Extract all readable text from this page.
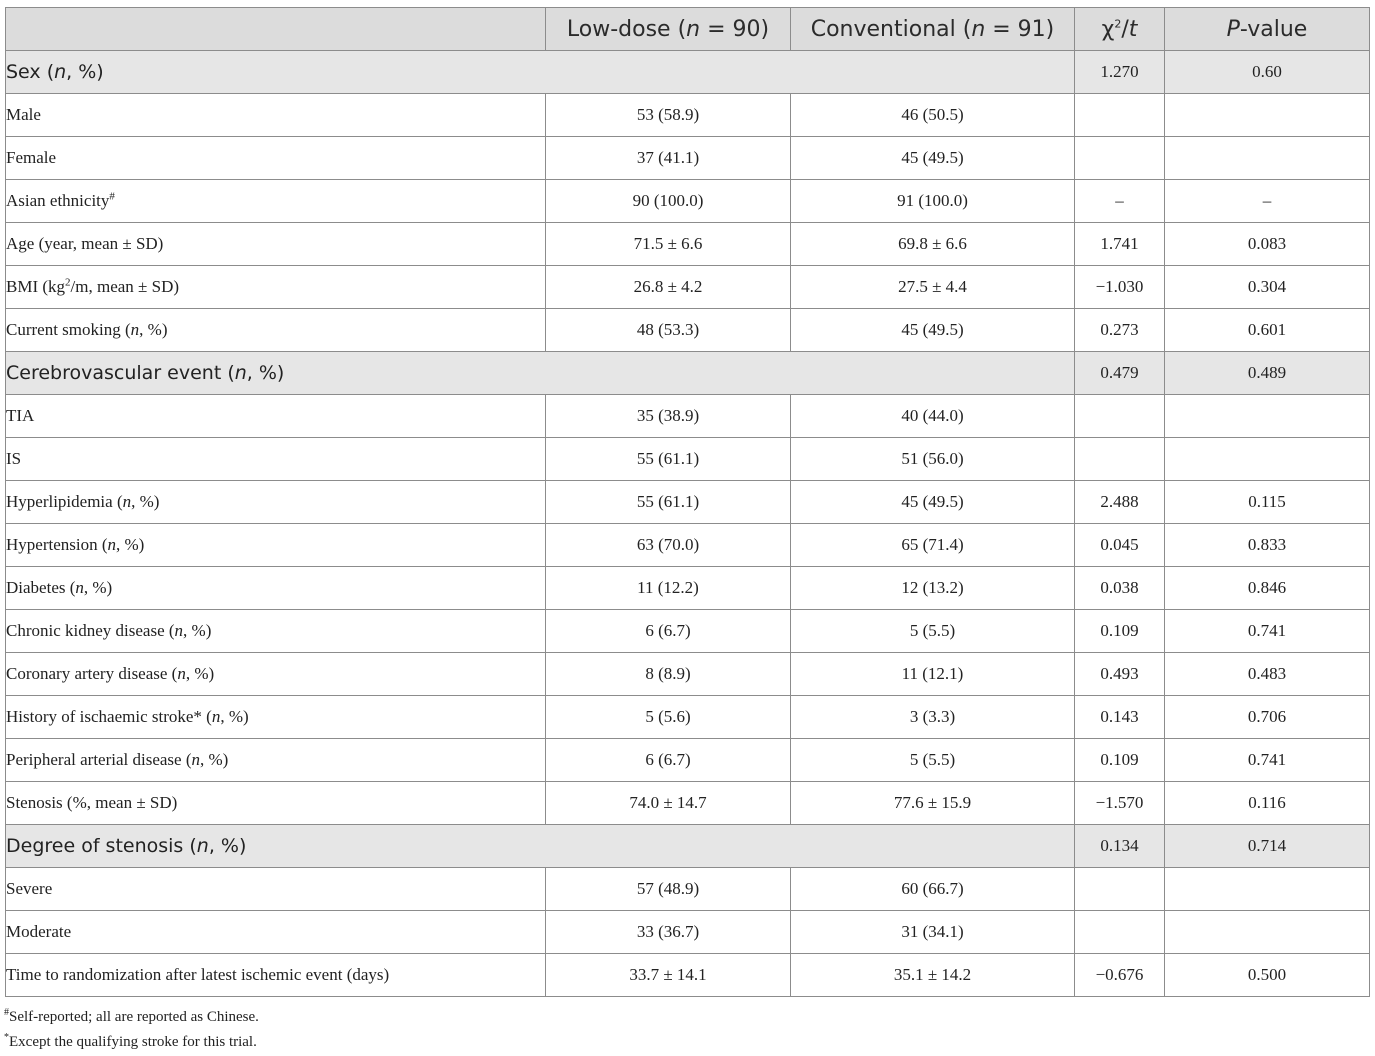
	Low-dose (n = 90)	Conventional (n = 91)	$\chi^2/t$	P-value
Sex (n, %)			1.270	0.60
Male	53 (58.9)	46 (50.5)		
Female	37 (41.1)	45 (49.5)		
Asian ethnicity#	90 (100.0)	91 (100.0)	–	–
Age (year, mean ± SD)	71.5 ± 6.6	69.8 ± 6.6	1.741	0.083
BMI ($kg^2/m$, mean ± SD)	26.8 ± 4.2	27.5 ± 4.4	−1.030	0.304
Current smoking (n, %)	48 (53.3)	45 (49.5)	0.273	0.601
Cerebrovascular event (n, %)			0.479	0.489
TIA	35 (38.9)	40 (44.0)		
IS	55 (61.1)	51 (56.0)		
Hyperlipidemia (n, %)	55 (61.1)	45 (49.5)	2.488	0.115
Hypertension (n, %)	63 (70.0)	65 (71.4)	0.045	0.833
Diabetes (n, %)	11 (12.2)	12 (13.2)	0.038	0.846
Chronic kidney disease (n, %)	6 (6.7)	5 (5.5)	0.109	0.741
Coronary artery disease (n, %)	8 (8.9)	11 (12.1)	0.493	0.483
History of ischaemic stroke* (n, %)	5 (5.6)	3 (3.3)	0.143	0.706
Peripheral arterial disease (n, %)	6 (6.7)	5 (5.5)	0.109	0.741
Stenosis (%, mean ± SD)	74.0 ± 14.7	77.6 ± 15.9	−1.570	0.116
Degree of stenosis (n, %)			0.134	0.714
Severe	57 (48.9)	60 (66.7)		
Moderate	33 (36.7)	31 (34.1)		
Time to randomization after latest ischemic event (days)	33.7 ± 14.1	35.1 ± 14.2	−0.676	0.500
#Self-reported; all are reported as Chinese.
*Except the qualifying stroke for this trial.
